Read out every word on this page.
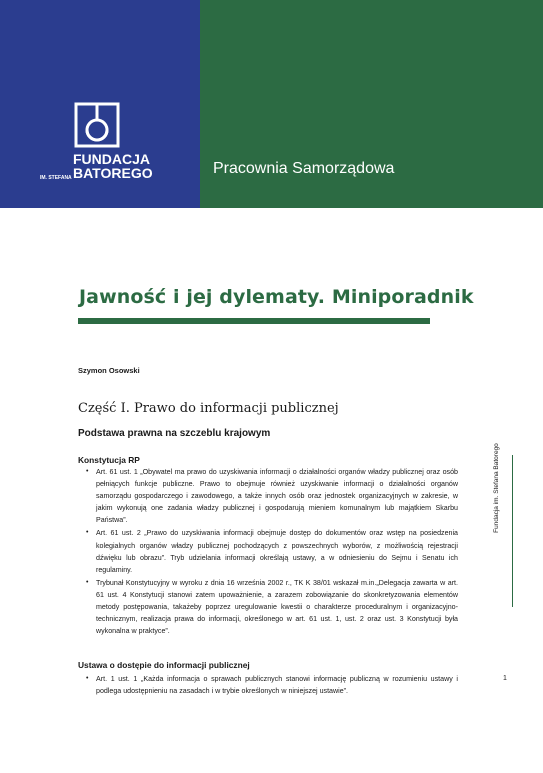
FUNDACJA
IM. STEFANA BATOREGO	Pracownia Samorządowa
Jawność i jej dylematy. Miniporadnik
Szymon Osowski
Część I. Prawo do informacji publicznej
Podstawa prawna na szczeblu krajowym
Konstytucja RP
• Art. 61 ust. 1 „Obywatel ma prawo do uzyskiwania informacji o działalności organów władzy publicznej oraz osób pełniących funkcje publiczne. Prawo to obejmuje również uzyskiwanie informacji o działalności organów samorządu gospodarczego i zawodowego, a także innych osób oraz jednostek organizacyjnych w zakresie, w jakim wykonują one zadania władzy publicznej i gospodarują mieniem komunalnym lub majątkiem Skarbu Państwa”.
• Art. 61 ust. 2 „Prawo do uzyskiwania informacji obejmuje dostęp do dokumentów oraz wstęp na posiedzenia kolegialnych organów władzy publicznej pochodzących z powszechnych wyborów, z możliwością rejestracji dźwięku lub obrazu”. Tryb udzielania informacji określają ustawy, a w odniesieniu do Sejmu i Senatu ich regulaminy.
• Trybunał Konstytucyjny w wyroku z dnia 16 września 2002 r., TK K 38/01 wskazał m.in.„Delegacja zawarta w art. 61 ust. 4 Konstytucji stanowi zatem upoważnienie, a zarazem zobowiązanie do skonkretyzowania elementów metody postępowania, takażeby poprzez uregulowanie kwestii o charakterze proceduralnym i organizacyjno-technicznym, realizacja prawa do informacji, określonego w art. 61 ust. 1, ust. 2 oraz ust. 3 Konstytucji była wykonalna w praktyce”.
Ustawa o dostępie do informacji publicznej
• Art. 1 ust. 1 „Każda informacja o sprawach publicznych stanowi informację publiczną w rozumieniu ustawy i podlega udostępnieniu na zasadach i w trybie określonych w niniejszej ustawie”.
Fundacja im. Stefana Batorego
1
